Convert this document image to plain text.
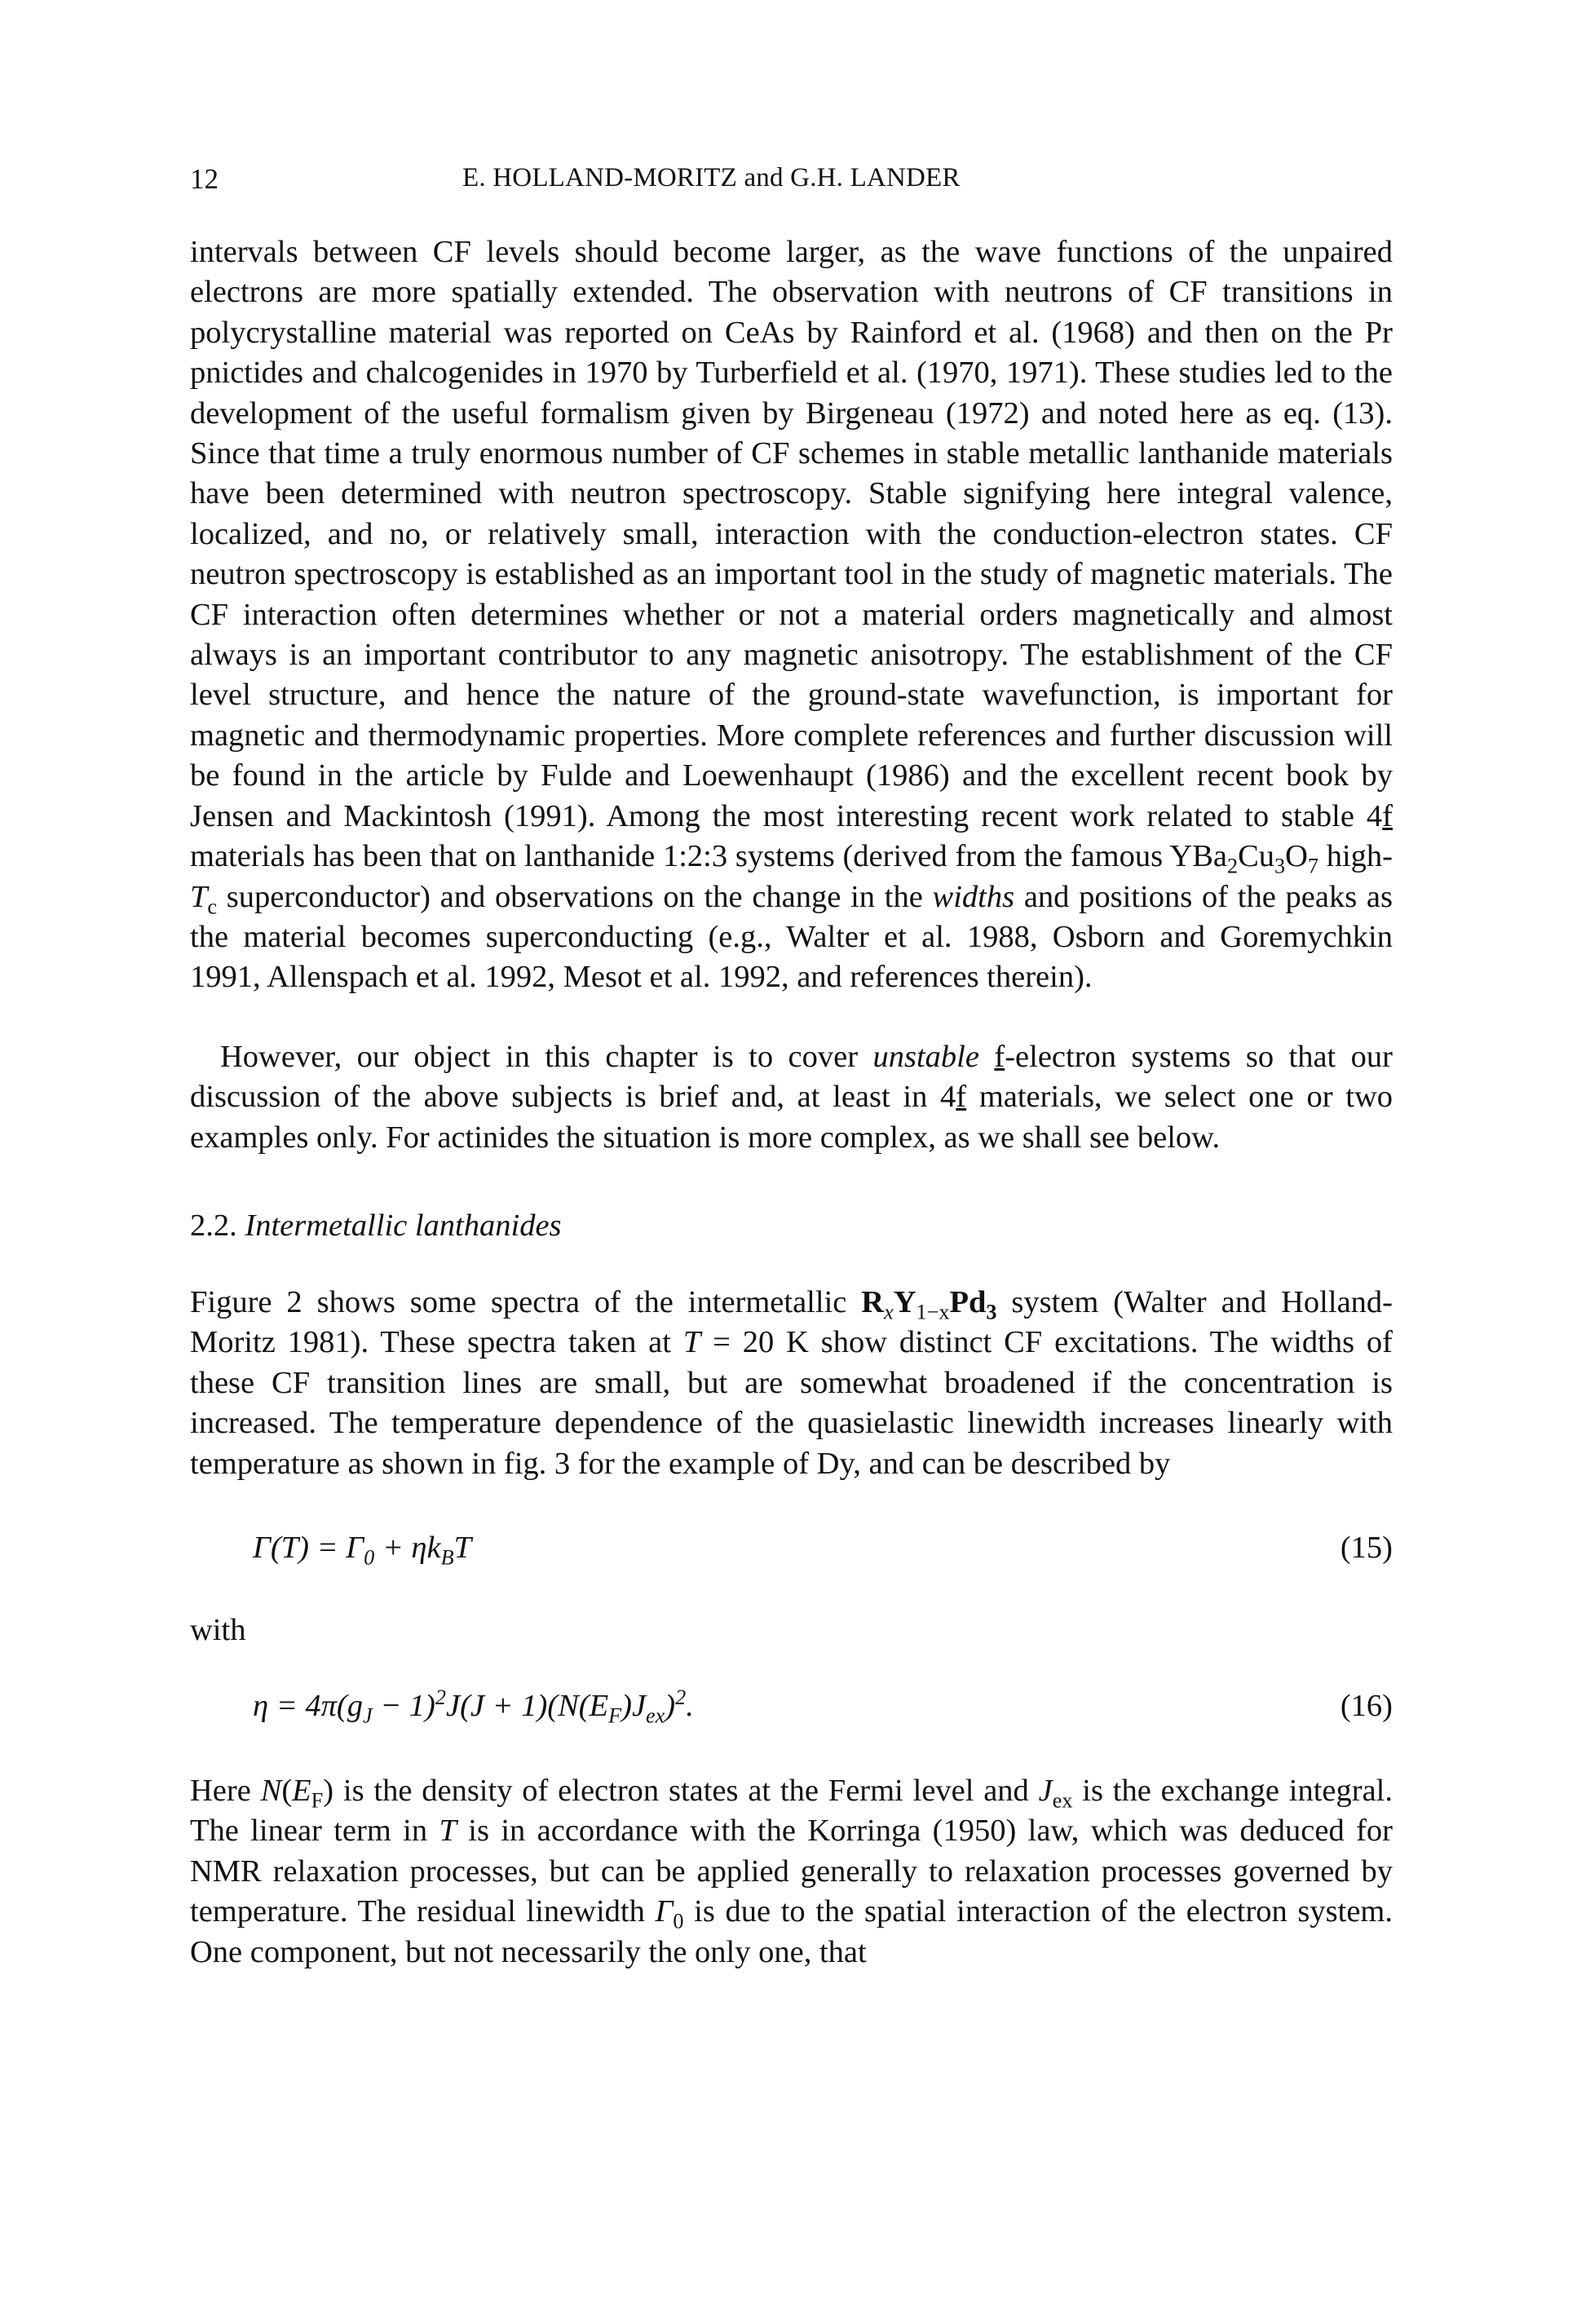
12	E. HOLLAND-MORITZ and G.H. LANDER

intervals between CF levels should become larger, as the wave functions of the unpaired electrons are more spatially extended. The observation with neutrons of CF transitions in polycrystalline material was reported on CeAs by Rainford et al. (1968) and then on the Pr pnictides and chalcogenides in 1970 by Turberfield et al. (1970, 1971). These studies led to the development of the useful formalism given by Birgeneau (1972) and noted here as eq. (13). Since that time a truly enormous number of CF schemes in stable metallic lanthanide materials have been determined with neutron spectroscopy. Stable signifying here integral valence, localized, and no, or relatively small, interaction with the conduction-electron states. CF neutron spectroscopy is established as an important tool in the study of magnetic materials. The CF interaction often determines whether or not a material orders magnetically and almost always is an important contributor to any magnetic anisotropy. The establishment of the CF level structure, and hence the nature of the ground-state wavefunction, is important for magnetic and thermodynamic properties. More complete references and further discussion will be found in the article by Fulde and Loewenhaupt (1986) and the excellent recent book by Jensen and Mackintosh (1991). Among the most interesting recent work related to stable 4f materials has been that on lanthanide 1:2:3 systems (derived from the famous $YBa_2Cu_3O_7$ high-$T_c$ superconductor) and observations on the change in the widths and positions of the peaks as the material becomes superconducting (e.g., Walter et al. 1988, Osborn and Goremychkin 1991, Allenspach et al. 1992, Mesot et al. 1992, and references therein).

However, our object in this chapter is to cover unstable f-electron systems so that our discussion of the above subjects is brief and, at least in 4f materials, we select one or two examples only. For actinides the situation is more complex, as we shall see below.

2.2. Intermetallic lanthanides

Figure 2 shows some spectra of the intermetallic $R_xY_{1-x}Pd_3$ system (Walter and Holland-Moritz 1981). These spectra taken at T = 20 K show distinct CF excitations. The widths of these CF transition lines are small, but are somewhat broadened if the concentration is increased. The temperature dependence of the quasielastic linewidth increases linearly with temperature as shown in fig. 3 for the example of Dy, and can be described by

$\Gamma(T) = \Gamma_0 + \eta k_BT$	(15)
with
$\eta = 4\pi(g_J - 1)^2J(J + 1)(N(E_F)J_{ex})^2$.	(16)

Here $N(E_F)$ is the density of electron states at the Fermi level and $J_{ex}$ is the exchange integral. The linear term in T is in accordance with the Korringa (1950) law, which was deduced for NMR relaxation processes, but can be applied generally to relaxation processes governed by temperature. The residual linewidth $\Gamma_0$ is due to the spatial interaction of the electron system. One component, but not necessarily the only one, that
